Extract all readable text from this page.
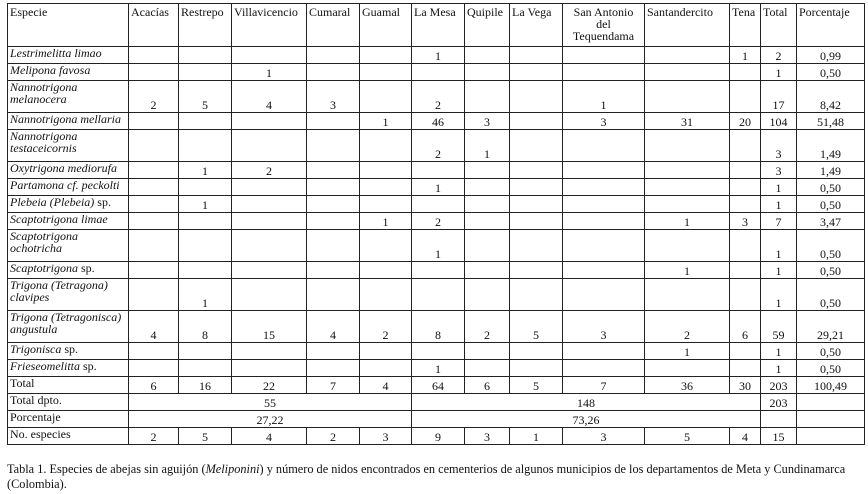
Especie	Acacías	Restrepo	Villavicencio	Cumaral	Guamal	La Mesa	Quipile	La Vega	San Antonio del Tequendama	Santandercito	Tena	Total	Porcentaje
Lestrimelitta limao						1					1	2	0,99
Melipona favosa			1									1	0,50
Nannotrigona melanocera	2	5	4	3		2			1			17	8,42
Nannotrigona mellaria					1	46	3		3	31	20	104	51,48
Nannotrigona testaceicornis						2	1					3	1,49
Oxytrigona mediorufa		1	2									3	1,49
Partamona cf. peckolti						1						1	0,50
Plebeia (Plebeia) sp.		1										1	0,50
Scaptotrigona limae					1	2				1	3	7	3,47
Scaptotrigona ochotricha						1						1	0,50
Scaptotrigona sp.										1		1	0,50
Trigona (Tetragona) clavipes		1										1	0,50
Trigona (Tetragonisca) angustula	4	8	15	4	2	8	2	5	3	2	6	59	29,21
Trigonisca sp.										1		1	0,50
Frieseomelitta sp.						1						1	0,50
Total	6	16	22	7	4	64	6	5	7	36	30	203	100,49
Total dpto.	55					148						203	
Porcentaje	27,22					73,26							
No. especies	2	5	4	2	3	9	3	1	3	5	4	15	
Tabla 1. Especies de abejas sin aguijón (Meliponini) y número de nidos encontrados en cementerios de algunos municipios de los departamentos de Meta y Cundinamarca (Colombia).
